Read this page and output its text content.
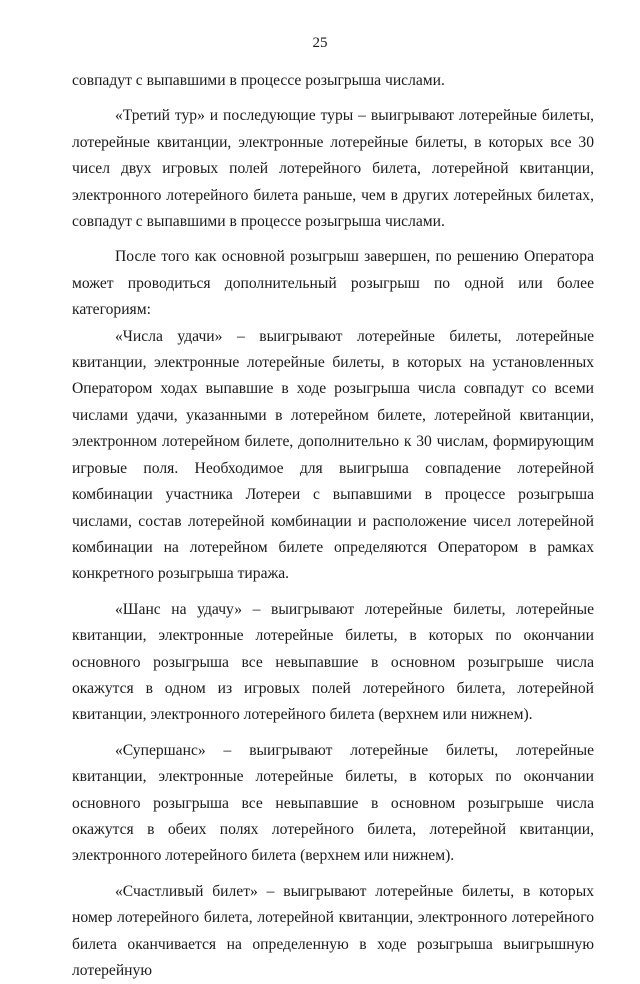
25

совпадут с выпавшими в процессе розыгрыша числами.

«Третий тур» и последующие туры – выигрывают лотерейные билеты, лотерейные квитанции, электронные лотерейные билеты, в которых все 30 чисел двух игровых полей лотерейного билета, лотерейной квитанции, электронного лотерейного билета раньше, чем в других лотерейных билетах, совпадут с выпавшими в процессе розыгрыша числами.

После того как основной розыгрыш завершен, по решению Оператора может проводиться дополнительный розыгрыш по одной или более категориям:

«Числа удачи» – выигрывают лотерейные билеты, лотерейные квитанции, электронные лотерейные билеты, в которых на установленных Оператором ходах выпавшие в ходе розыгрыша числа совпадут со всеми числами удачи, указанными в лотерейном билете, лотерейной квитанции, электронном лотерейном билете, дополнительно к 30 числам, формирующим игровые поля. Необходимое для выигрыша совпадение лотерейной комбинации участника Лотереи с выпавшими в процессе розыгрыша числами, состав лотерейной комбинации и расположение чисел лотерейной комбинации на лотерейном билете определяются Оператором в рамках конкретного розыгрыша тиража.

«Шанс на удачу» – выигрывают лотерейные билеты, лотерейные квитанции, электронные лотерейные билеты, в которых по окончании основного розыгрыша все невыпавшие в основном розыгрыше числа окажутся в одном из игровых полей лотерейного билета, лотерейной квитанции, электронного лотерейного билета (верхнем или нижнем).

«Супершанс» – выигрывают лотерейные билеты, лотерейные квитанции, электронные лотерейные билеты, в которых по окончании основного розыгрыша все невыпавшие в основном розыгрыше числа окажутся в обеих полях лотерейного билета, лотерейной квитанции, электронного лотерейного билета (верхнем или нижнем).

«Счастливый билет» – выигрывают лотерейные билеты, в которых номер лотерейного билета, лотерейной квитанции, электронного лотерейного билета оканчивается на определенную в ходе розыгрыша выигрышную лотерейную
